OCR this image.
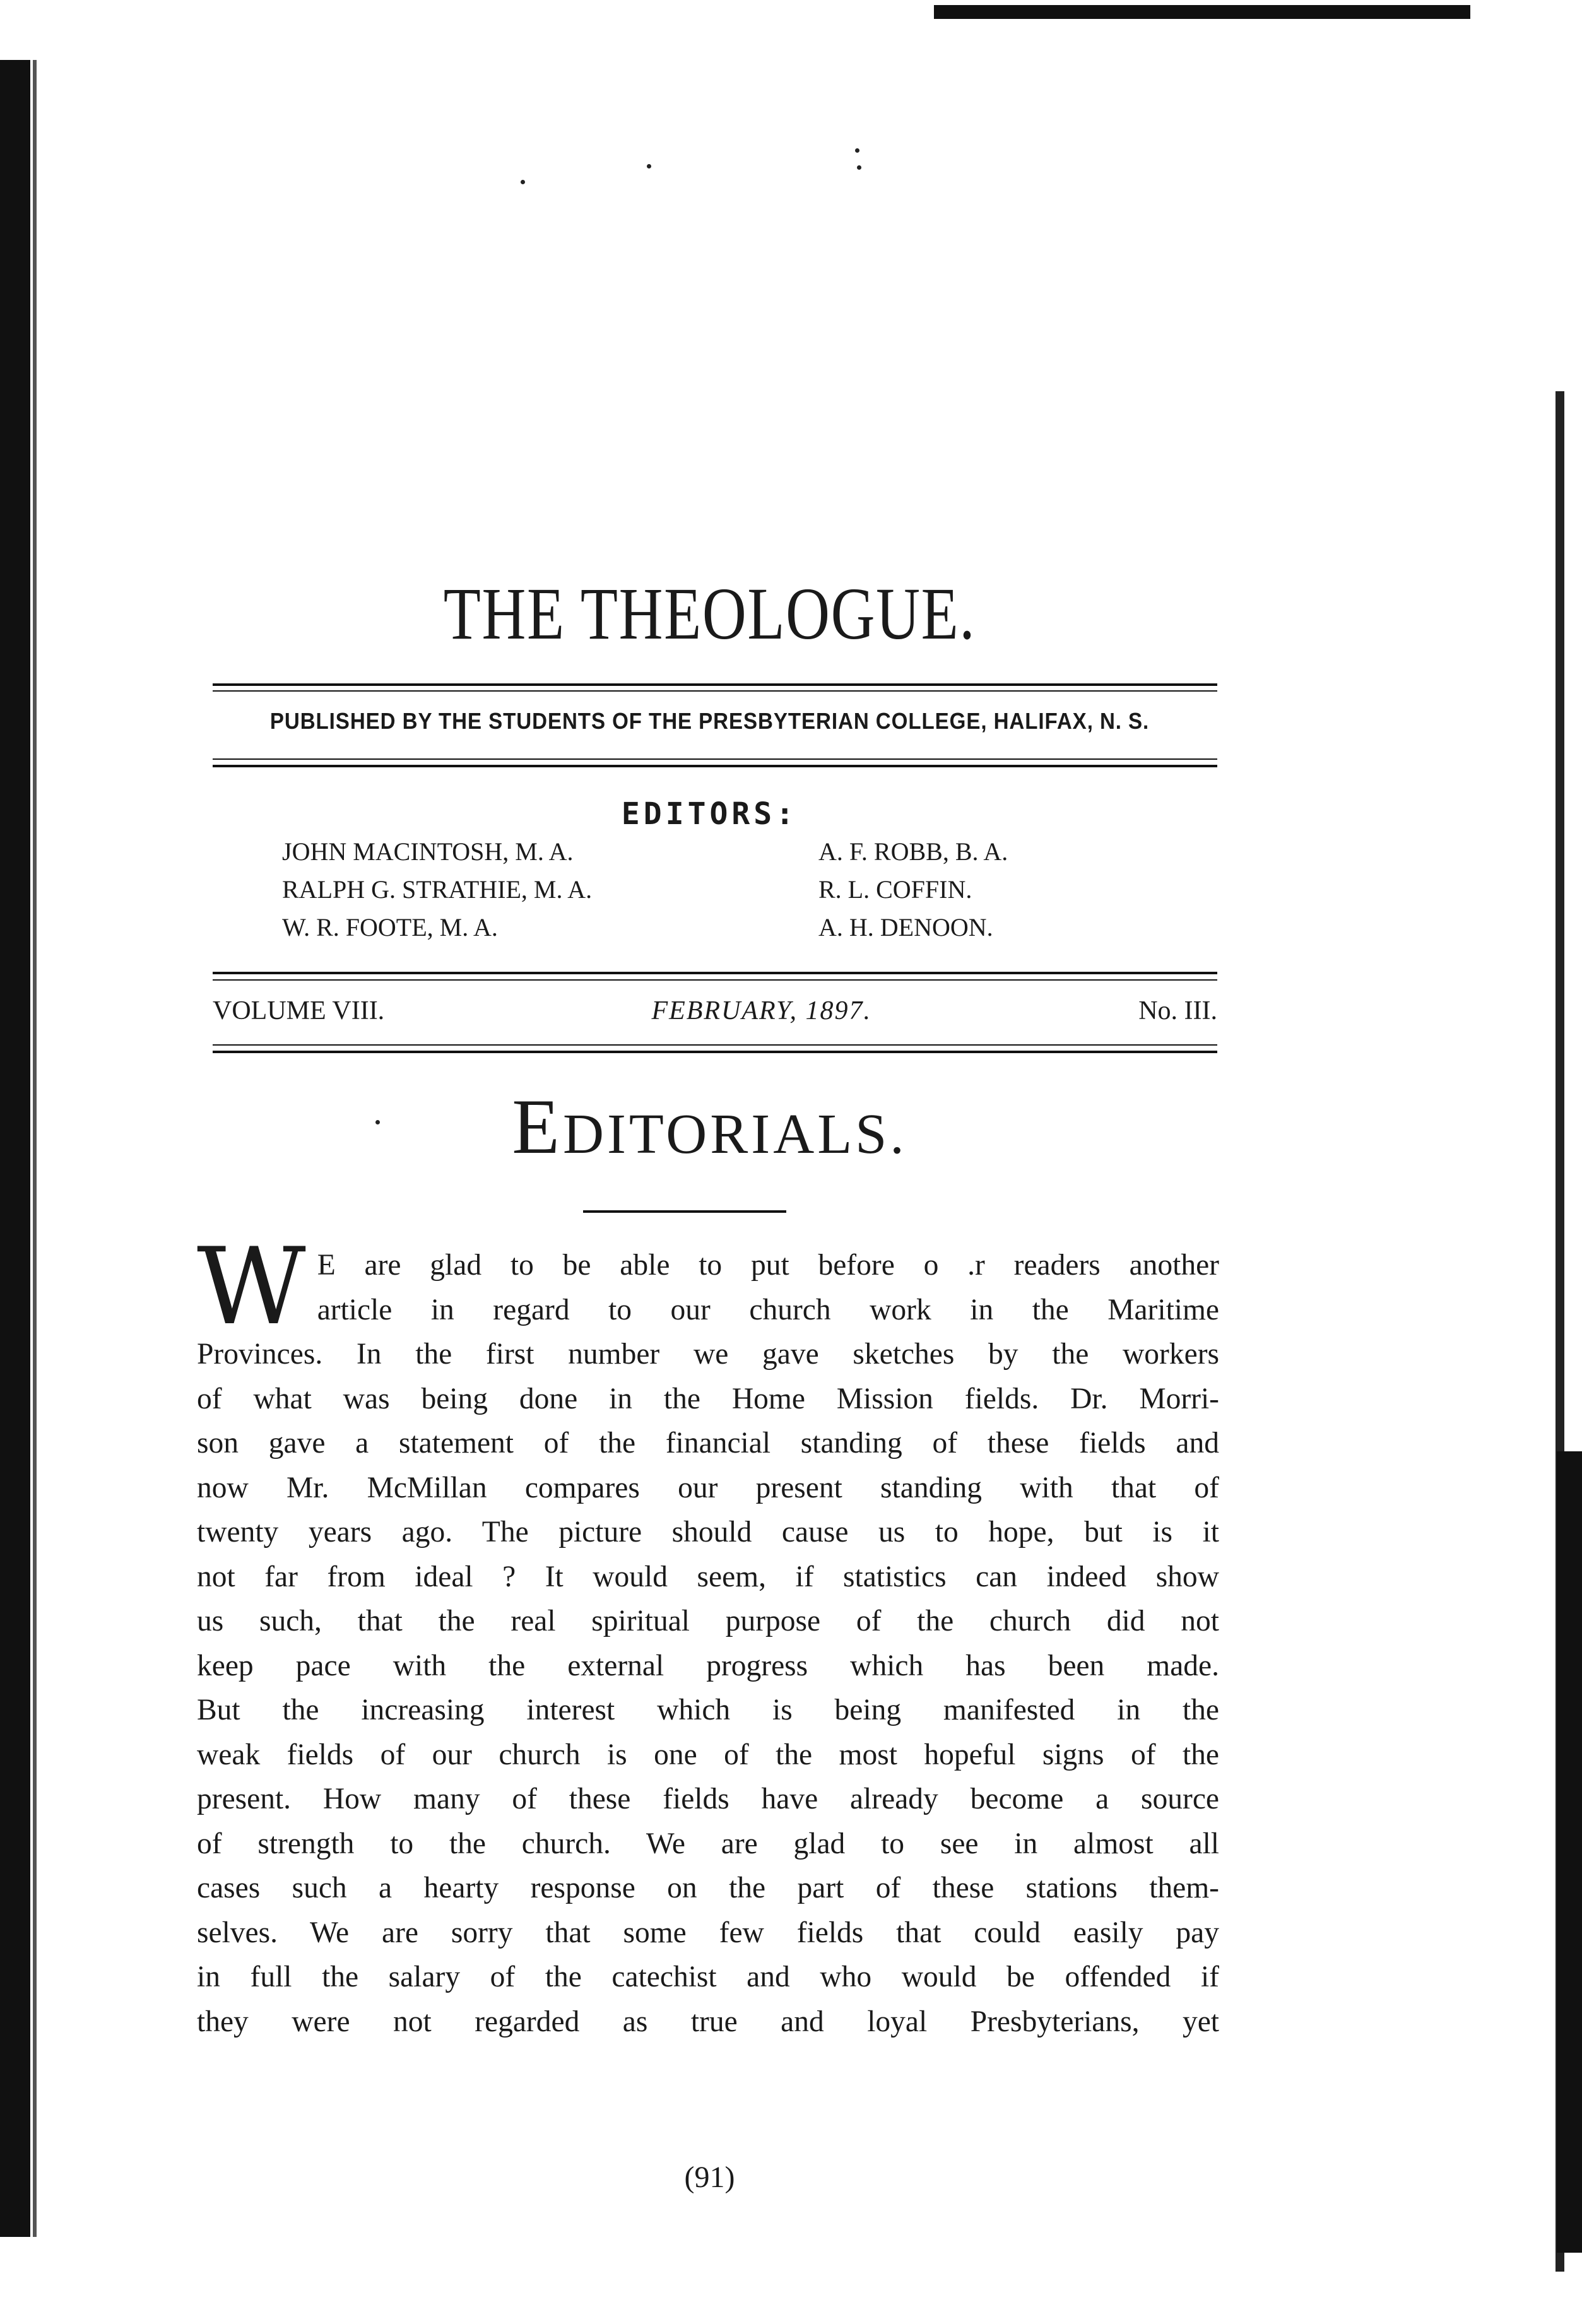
THE THEOLOGUE.
PUBLISHED BY THE STUDENTS OF THE PRESBYTERIAN COLLEGE, HALIFAX, N. S.
EDITORS:
JOHN MACINTOSH, M. A.	A. F. ROBB, B. A.
RALPH G. STRATHIE, M. A.	R. L. COFFIN.
W. R. FOOTE, M. A.	A. H. DENOON.
VOLUME VIII.	FEBRUARY, 1897.	No. III.
EDITORIALS.
W E are glad to be able to put before o .r readers another
article in regard to our church work in the Maritime
Provinces. In the first number we gave sketches by the workers
of what was being done in the Home Mission fields. Dr. Morri-
son gave a statement of the financial standing of these fields and
now Mr. McMillan compares our present standing with that of
twenty years ago. The picture should cause us to hope, but is it
not far from ideal ? It would seem, if statistics can indeed show
us such, that the real spiritual purpose of the church did not
keep pace with the external progress which has been made.
But the increasing interest which is being manifested in the
weak fields of our church is one of the most hopeful signs of the
present. How many of these fields have already become a source
of strength to the church. We are glad to see in almost all
cases such a hearty response on the part of these stations them-
selves. We are sorry that some few fields that could easily pay
in full the salary of the catechist and who would be offended if
they were not regarded as true and loyal Presbyterians, yet
(91)
